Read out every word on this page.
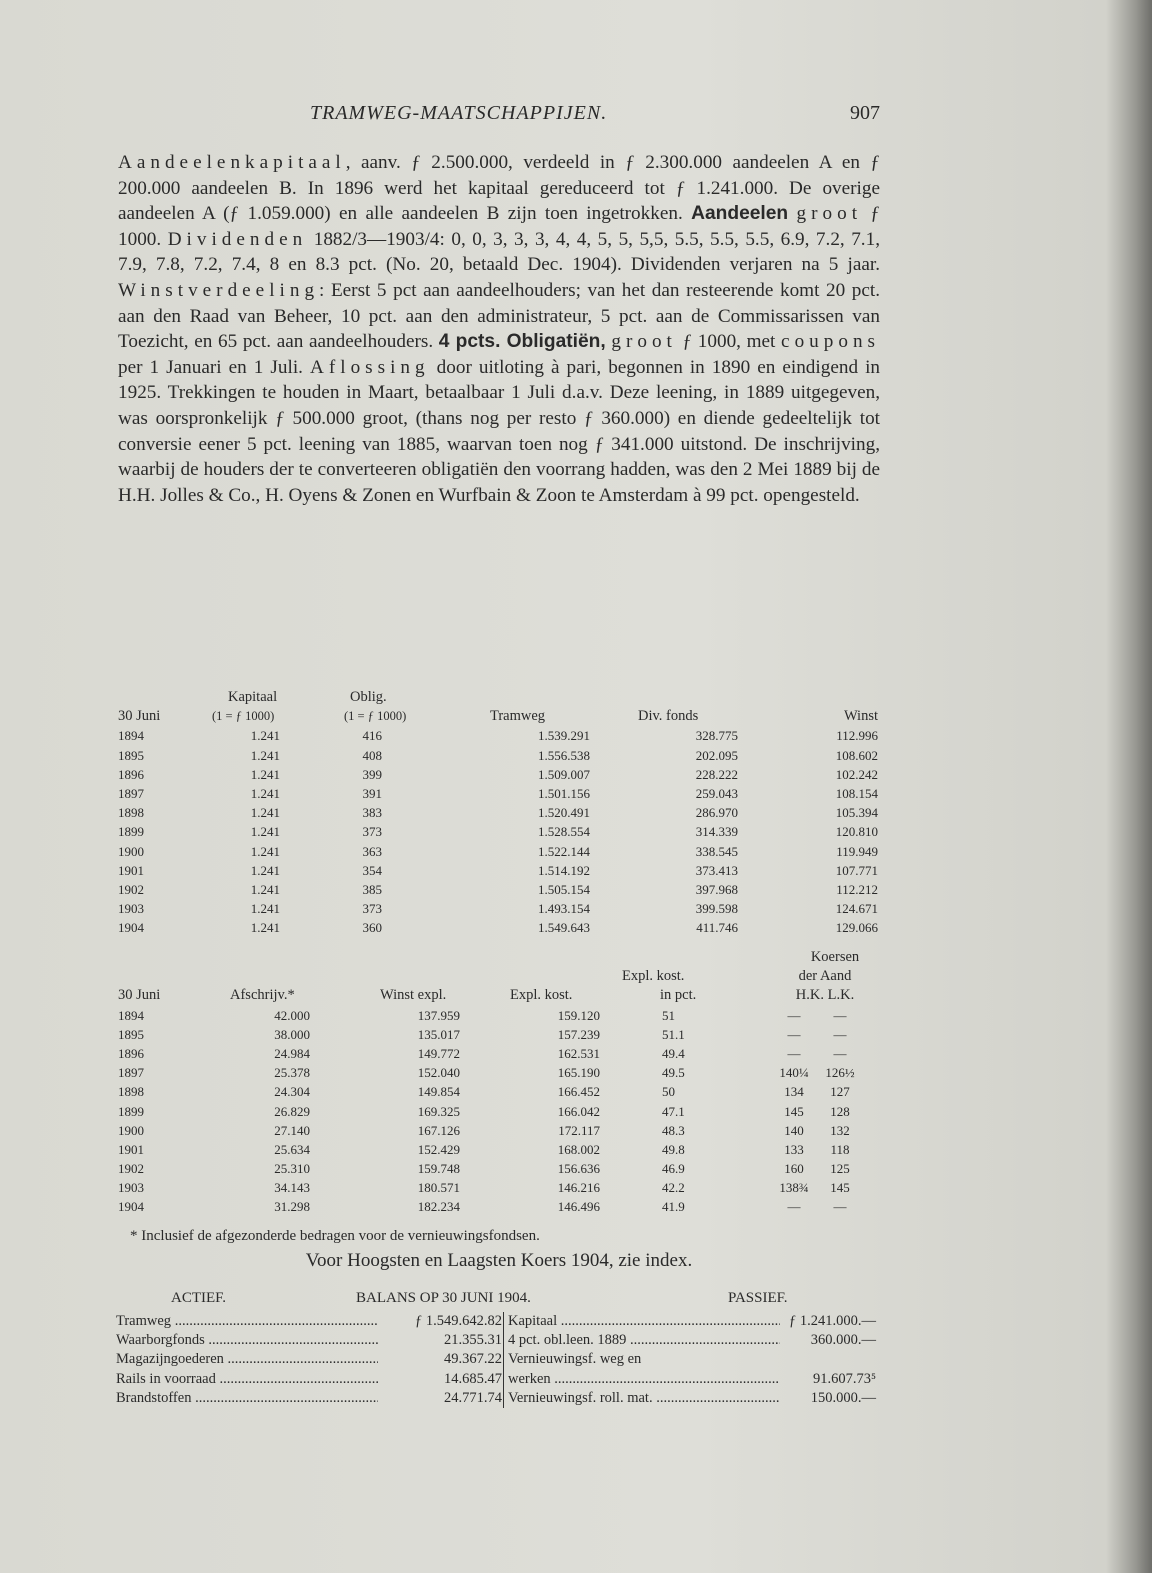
TRAMWEG-MAATSCHAPPIJEN.	907

Aandeelenkapitaal, aanv. ƒ 2.500.000, verdeeld in ƒ 2.300.000 aandeelen A en ƒ 200.000 aandeelen B. In 1896 werd het kapitaal gereduceerd tot ƒ 1.241.000. De overige aandeelen A (ƒ 1.059.000) en alle aandeelen B zijn toen ingetrokken. Aandeelen groot ƒ 1000. Dividenden 1882/3—1903/4: 0, 0, 3, 3, 3, 4, 4, 5, 5, 5,5, 5.5, 5.5, 5.5, 6.9, 7.2, 7.1, 7.9, 7.8, 7.2, 7.4, 8 en 8.3 pct. (No. 20, betaald Dec. 1904). Dividenden verjaren na 5 jaar. Winstverdeeling: Eerst 5 pct aan aandeelhouders; van het dan resteerende komt 20 pct. aan den Raad van Beheer, 10 pct. aan den administrateur, 5 pct. aan de Commissarissen van Toezicht, en 65 pct. aan aandeelhouders. 4 pcts. Obligatiën, groot ƒ 1000, met coupons per 1 Januari en 1 Juli. Aflossing door uitloting à pari, begonnen in 1890 en eindigend in 1925. Trekkingen te houden in Maart, betaalbaar 1 Juli d.a.v. Deze leening, in 1889 uitgegeven, was oorspronkelijk ƒ 500.000 groot, (thans nog per resto ƒ 360.000) en diende gedeeltelijk tot conversie eener 5 pct. leening van 1885, waarvan toen nog ƒ 341.000 uitstond. De inschrijving, waarbij de houders der te converteeren obligatiën den voorrang hadden, was den 2 Mei 1889 bij de H.H. Jolles & Co., H. Oyens & Zonen en Wurfbain & Zoon te Amsterdam à 99 pct. opengesteld.

Kapitaal	Oblig.
30 Juni	(1 = ƒ 1000)	(1 = ƒ 1000)	Tramweg	Div. fonds	Winst
1894	1.241	416	1.539.291	328.775	112.996
1895	1.241	408	1.556.538	202.095	108.602
1896	1.241	399	1.509.007	228.222	102.242
1897	1.241	391	1.501.156	259.043	108.154
1898	1.241	383	1.520.491	286.970	105.394
1899	1.241	373	1.528.554	314.339	120.810
1900	1.241	363	1.522.144	338.545	119.949
1901	1.241	354	1.514.192	373.413	107.771
1902	1.241	385	1.505.154	397.968	112.212
1903	1.241	373	1.493.154	399.598	124.671
1904	1.241	360	1.549.643	411.746	129.066
Koersen
Expl. kost.	der Aand
30 Juni	Afschrijv.*	Winst expl.	Expl. kost.	in pct.	H.K. L.K.
1894	42.000	137.959	159.120	51	—	—
1895	38.000	135.017	157.239	51.1	—	—
1896	24.984	149.772	162.531	49.4	—	—
1897	25.378	152.040	165.190	49.5	140¼	126½
1898	24.304	149.854	166.452	50	134	127
1899	26.829	169.325	166.042	47.1	145	128
1900	27.140	167.126	172.117	48.3	140	132
1901	25.634	152.429	168.002	49.8	133	118
1902	25.310	159.748	156.636	46.9	160	125
1903	34.143	180.571	146.216	42.2	138¾	145
1904	31.298	182.234	146.496	41.9	—	—
* Inclusief de afgezonderde bedragen voor de vernieuwingsfondsen.
Voor Hoogsten en Laagsten Koers 1904, zie index.
ACTIEF.	BALANS OP 30 JUNI 1904.	PASSIEF.
Tramweg .....	ƒ 1.549.642.82 Kapitaal .....	ƒ 1.241.000.—
Waarborgfonds .....	21.355.31 4 pct. obl.leen. 1889 .....	360.000.—
Magazijngoederen .....	49.367.22 Vernieuwingsf. weg en
Rails in voorraad .....	14.685.47 werken .....	91.607.73⁵
Brandstoffen .....	24.771.74 Vernieuwingsf. roll. mat. .....	150.000.—
